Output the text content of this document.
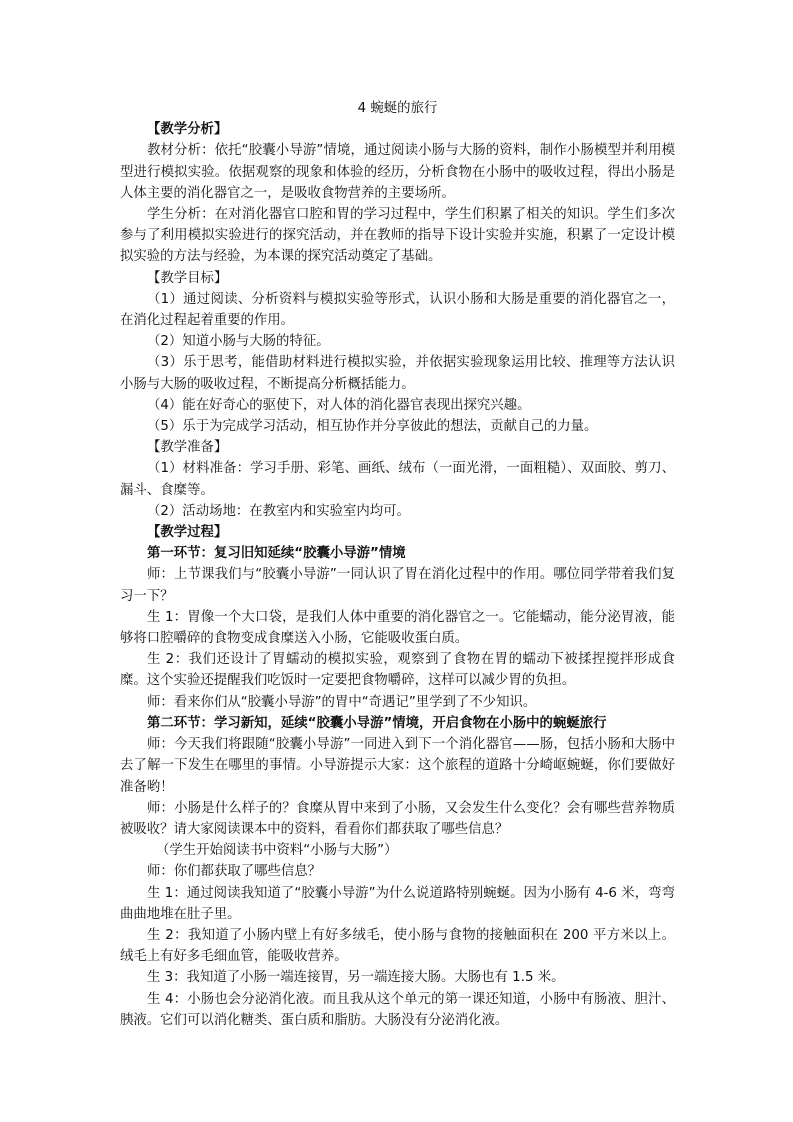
4 蜿蜒的旅行

【教学分析】

教材分析：依托“胶囊小导游”情境，通过阅读小肠与大肠的资料，制作小肠模型并利用模型进行模拟实验。依据观察的现象和体验的经历，分析食物在小肠中的吸收过程，得出小肠是人体主要的消化器官之一，是吸收食物营养的主要场所。

学生分析：在对消化器官口腔和胃的学习过程中，学生们积累了相关的知识。学生们多次参与了利用模拟实验进行的探究活动，并在教师的指导下设计实验并实施，积累了一定设计模拟实验的方法与经验，为本课的探究活动奠定了基础。

【教学目标】

（1）通过阅读、分析资料与模拟实验等形式，认识小肠和大肠是重要的消化器官之一，在消化过程起着重要的作用。

（2）知道小肠与大肠的特征。

（3）乐于思考，能借助材料进行模拟实验，并依据实验现象运用比较、推理等方法认识小肠与大肠的吸收过程，不断提高分析概括能力。

（4）能在好奇心的驱使下，对人体的消化器官表现出探究兴趣。

（5）乐于为完成学习活动，相互协作并分享彼此的想法，贡献自己的力量。

【教学准备】

（1）材料准备：学习手册、彩笔、画纸、绒布（一面光滑，一面粗糙）、双面胶、剪刀、漏斗、食糜等。

（2）活动场地：在教室内和实验室内均可。

【教学过程】

第一环节：复习旧知延续“胶囊小导游”情境

师：上节课我们与“胶囊小导游”一同认识了胃在消化过程中的作用。哪位同学带着我们复习一下？

生 1：胃像一个大口袋，是我们人体中重要的消化器官之一。它能蠕动，能分泌胃液，能够将口腔嚼碎的食物变成食糜送入小肠，它能吸收蛋白质。

生 2：我们还设计了胃蠕动的模拟实验，观察到了食物在胃的蠕动下被揉捏搅拌形成食糜。这个实验还提醒我们吃饭时一定要把食物嚼碎，这样可以减少胃的负担。

师：看来你们从“胶囊小导游”的胃中“奇遇记”里学到了不少知识。

第二环节：学习新知，延续“胶囊小导游”情境，开启食物在小肠中的蜿蜒旅行

师：今天我们将跟随“胶囊小导游”一同进入到下一个消化器官——肠，包括小肠和大肠中去了解一下发生在哪里的事情。小导游提示大家：这个旅程的道路十分崎岖蜿蜒，你们要做好准备哟！

师：小肠是什么样子的？食糜从胃中来到了小肠，又会发生什么变化？会有哪些营养物质被吸收？请大家阅读课本中的资料，看看你们都获取了哪些信息？

（学生开始阅读书中资料“小肠与大肠”）

师：你们都获取了哪些信息？

生 1：通过阅读我知道了“胶囊小导游”为什么说道路特别蜿蜒。因为小肠有 4-6 米，弯弯曲曲地堆在肚子里。

生 2：我知道了小肠内壁上有好多绒毛，使小肠与食物的接触面积在 200 平方米以上。绒毛上有好多毛细血管，能吸收营养。

生 3：我知道了小肠一端连接胃，另一端连接大肠。大肠也有 1.5 米。

生 4：小肠也会分泌消化液。而且我从这个单元的第一课还知道，小肠中有肠液、胆汁、胰液。它们可以消化糖类、蛋白质和脂肪。大肠没有分泌消化液。
